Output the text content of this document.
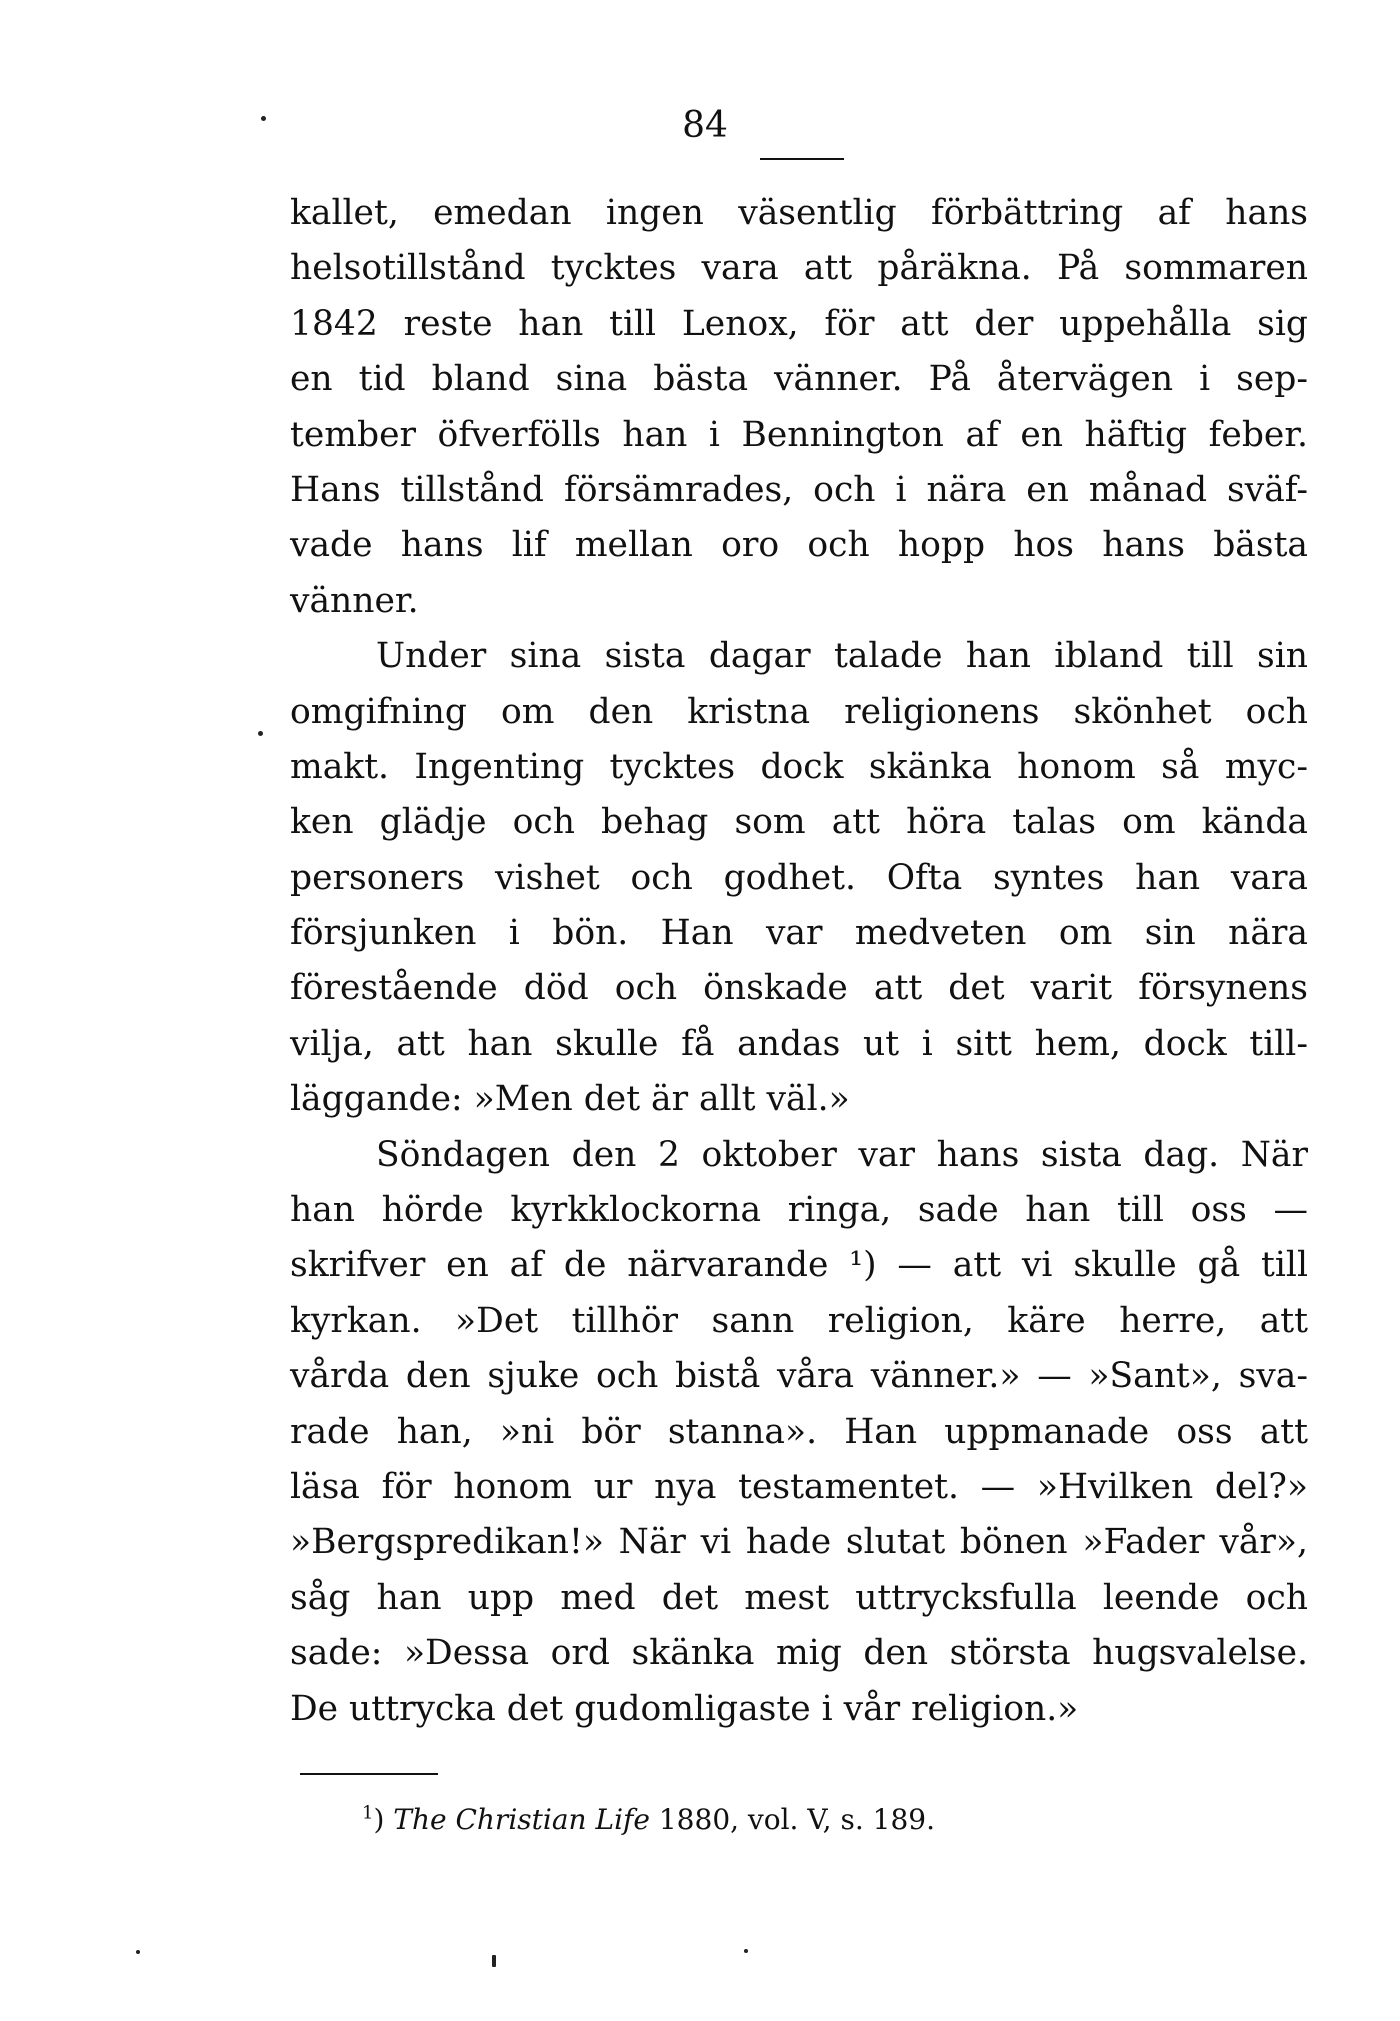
84
kallet, emedan ingen väsentlig förbättring af hans
helsotillstånd tycktes vara att påräkna. På sommaren
1842 reste han till Lenox, för att der uppehålla sig
en tid bland sina bästa vänner. På återvägen i sep-
tember öfverfölls han i Bennington af en häftig feber.
Hans tillstånd försämrades, och i nära en månad sväf-
vade hans lif mellan oro och hopp hos hans bästa
vänner.
Under sina sista dagar talade han ibland till sin
omgifning om den kristna religionens skönhet och
makt. Ingenting tycktes dock skänka honom så myc-
ken glädje och behag som att höra talas om kända
personers vishet och godhet. Ofta syntes han vara
försjunken i bön. Han var medveten om sin nära
förestående död och önskade att det varit försynens
vilja, att han skulle få andas ut i sitt hem, dock till-
läggande: »Men det är allt väl.»
Söndagen den 2 oktober var hans sista dag. När
han hörde kyrkklockorna ringa, sade han till oss —
skrifver en af de närvarande ¹) — att vi skulle gå till
kyrkan. »Det tillhör sann religion, käre herre, att
vårda den sjuke och bistå våra vänner.» — »Sant», sva-
rade han, »ni bör stanna». Han uppmanade oss att
läsa för honom ur nya testamentet. — »Hvilken del?»
»Bergspredikan!» När vi hade slutat bönen »Fader vår»,
såg han upp med det mest uttrycksfulla leende och
sade: »Dessa ord skänka mig den största hugsvalelse.
De uttrycka det gudomligaste i vår religion.»
$^1$) The Christian Life 1880, vol. V, s. 189.
